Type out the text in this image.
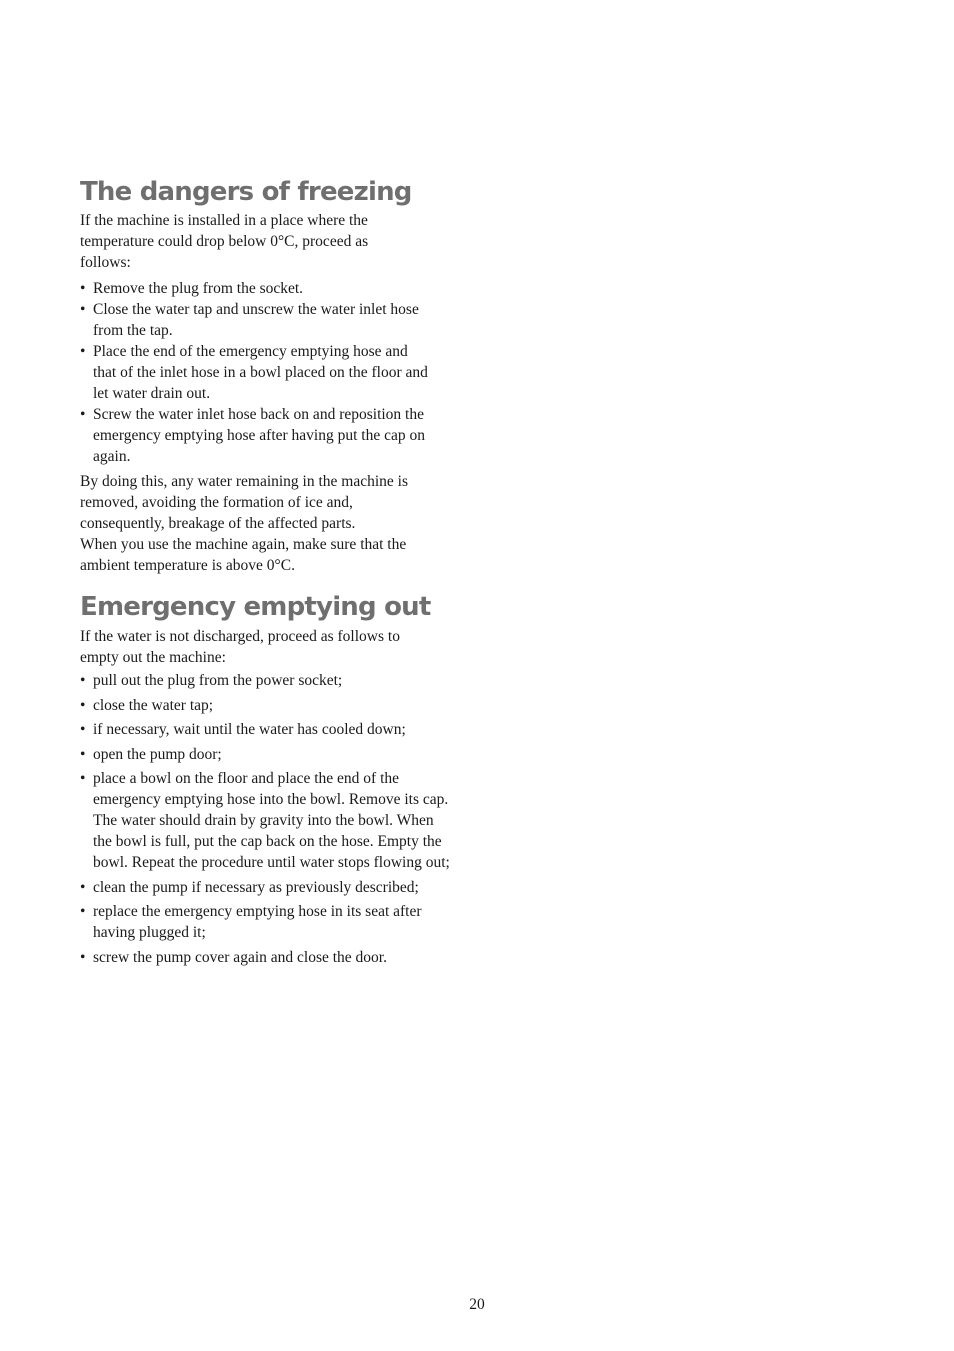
The dangers of freezing

If the machine is installed in a place where the temperature could drop below 0°C, proceed as follows:

• Remove the plug from the socket.
• Close the water tap and unscrew the water inlet hose from the tap.
• Place the end of the emergency emptying hose and that of the inlet hose in a bowl placed on the floor and let water drain out.
• Screw the water inlet hose back on and reposition the emergency emptying hose after having put the cap on again.

By doing this, any water remaining in the machine is removed, avoiding the formation of ice and, consequently, breakage of the affected parts.

When you use the machine again, make sure that the ambient temperature is above 0°C.

Emergency emptying out

If the water is not discharged, proceed as follows to empty out the machine:

• pull out the plug from the power socket;
• close the water tap;
• if necessary, wait until the water has cooled down;
• open the pump door;
• place a bowl on the floor and place the end of the emergency emptying hose into the bowl. Remove its cap. The water should drain by gravity into the bowl. When the bowl is full, put the cap back on the hose. Empty the bowl. Repeat the procedure until water stops flowing out;
• clean the pump if necessary as previously described;
• replace the emergency emptying hose in its seat after having plugged it;
• screw the pump cover again and close the door.
20
